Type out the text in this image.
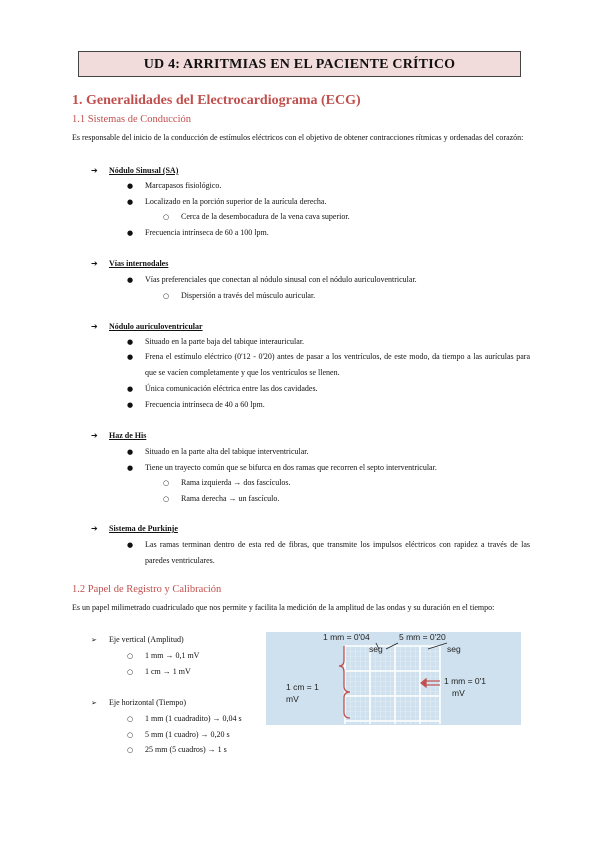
UD 4: ARRITMIAS EN EL PACIENTE CRÍTICO
1. Generalidades del Electrocardiograma (ECG)
1.1 Sistemas de Conducción
Es responsable del inicio de la conducción de estímulos eléctricos con el objetivo de obtener contracciones rítmicas y ordenadas del corazón:
➔ Nódulo Sinusal (SA)
● Marcapasos fisiológico.
● Localizado en la porción superior de la aurícula derecha.
○ Cerca de la desembocadura de la vena cava superior.
● Frecuencia intrínseca de 60 a 100 lpm.
➔ Vías internodales
● Vías preferenciales que conectan al nódulo sinusal con el nódulo auriculoventricular.
○ Dispersión a través del músculo auricular.
➔ Nódulo auriculoventricular
● Situado en la parte baja del tabique interauricular.
●	Frena el estímulo eléctrico (0'12 - 0'20) antes de pasar a los ventrículos, de este modo, da tiempo a las aurículas para que se vacíen completamente y que los ventrículos se llenen.
● Única comunicación eléctrica entre las dos cavidades.
● Frecuencia intrínseca de 40 a 60 lpm.
➔ Haz de His
● Situado en la parte alta del tabique interventricular.
● Tiene un trayecto común que se bifurca en dos ramas que recorren el septo interventricular.
○ Rama izquierda → dos fascículos.
○ Rama derecha → un fascículo.
➔ Sistema de Purkinje
●	Las ramas terminan dentro de esta red de fibras, que transmite los impulsos eléctricos con rapidez a través de las paredes ventriculares.
1.2 Papel de Registro y Calibración
Es un papel milimetrado cuadriculado que nos permite y facilita la medición de la amplitud de las ondas y su duración en el tiempo:
➢ Eje vertical (Amplitud)
○ 1 mm → 0,1 mV
○ 1 cm → 1 mV
➢ Eje horizontal (Tiempo)
○ 1 mm (1 cuadradito) → 0,04 s
○ 5 mm (1 cuadro) → 0,20 s
○ 25 mm (5 cuadros) → 1 s
1 mm = 0'04
seg
5 mm = 0'20
seg
1 cm = 1
mV
1 mm = 0'1
mV
